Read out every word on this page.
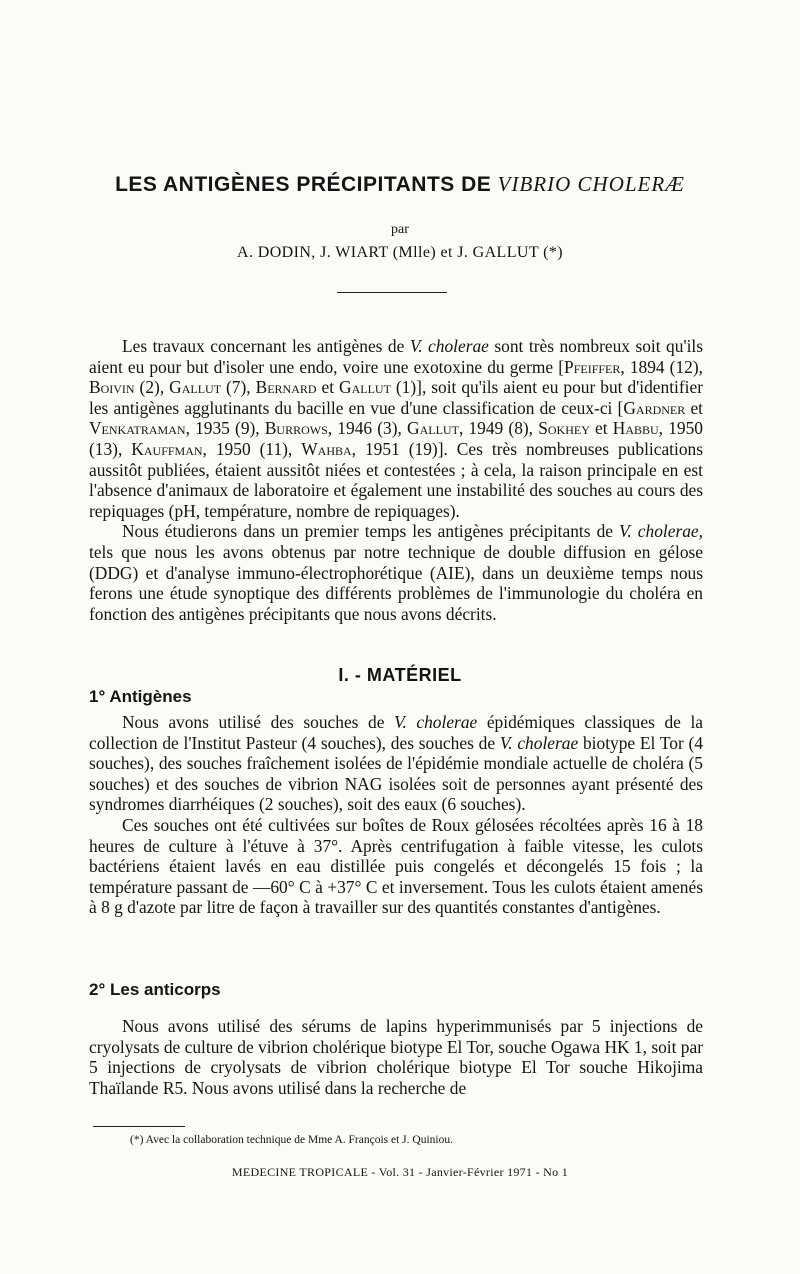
LES ANTIGÈNES PRÉCIPITANTS DE VIBRIO CHOLERÆ
par
A. DODIN, J. WIART (Mlle) et J. GALLUT (*)

Les travaux concernant les antigènes de V. cholerae sont très nombreux soit qu'ils aient eu pour but d'isoler une endo, voire une exotoxine du germe [Pfeiffer, 1894 (12), Boivin (2), Gallut (7), Bernard et Gallut (1)], soit qu'ils aient eu pour but d'identifier les antigènes agglutinants du bacille en vue d'une classification de ceux-ci [Gardner et Venkatraman, 1935 (9), Burrows, 1946 (3), Gallut, 1949 (8), Sokhey et Habbu, 1950 (13), Kauffman, 1950 (11), Wahba, 1951 (19)]. Ces très nombreuses publications aussitôt publiées, étaient aussitôt niées et contestées ; à cela, la raison principale en est l'absence d'animaux de laboratoire et également une instabilité des souches au cours des repiquages (pH, température, nombre de repiquages).

Nous étudierons dans un premier temps les antigènes précipitants de V. cholerae, tels que nous les avons obtenus par notre technique de double diffusion en gélose (DDG) et d'analyse immuno-électrophorétique (AIE), dans un deuxième temps nous ferons une étude synoptique des différents problèmes de l'immunologie du choléra en fonction des antigènes précipitants que nous avons décrits.

I. - MATÉRIEL
1° Antigènes

Nous avons utilisé des souches de V. cholerae épidémiques classiques de la collection de l'Institut Pasteur (4 souches), des souches de V. cholerae biotype El Tor (4 souches), des souches fraîchement isolées de l'épidémie mondiale actuelle de choléra (5 souches) et des souches de vibrion NAG isolées soit de personnes ayant présenté des syndromes diarrhéiques (2 souches), soit des eaux (6 souches).

Ces souches ont été cultivées sur boîtes de Roux gélosées récoltées après 16 à 18 heures de culture à l'étuve à 37°. Après centrifugation à faible vitesse, les culots bactériens étaient lavés en eau distillée puis congelés et décongelés 15 fois ; la température passant de —60° C à +37° C et inversement. Tous les culots étaient amenés à 8 g d'azote par litre de façon à travailler sur des quantités constantes d'antigènes.

2° Les anticorps

Nous avons utilisé des sérums de lapins hyperimmunisés par 5 injections de cryolysats de culture de vibrion cholérique biotype El Tor, souche Ogawa HK 1, soit par 5 injections de cryolysats de vibrion cholérique biotype El Tor souche Hikojima Thaïlande R5. Nous avons utilisé dans la recherche de

(*) Avec la collaboration technique de Mme A. François et J. Quiniou.
MEDECINE TROPICALE - Vol. 31 - Janvier-Février 1971 - No 1
